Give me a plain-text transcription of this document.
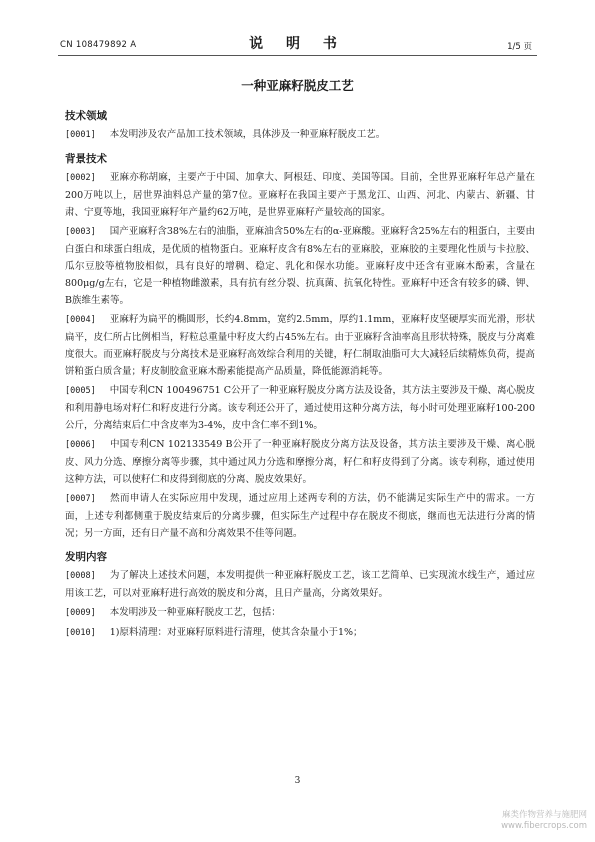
CN 108479892 A	说 明 书	1/5 页
一种亚麻籽脱皮工艺
技术领域
[0001] 本发明涉及农产品加工技术领域，具体涉及一种亚麻籽脱皮工艺。
背景技术
[0002] 亚麻亦称胡麻，主要产于中国、加拿大、阿根廷、印度、美国等国。目前，全世界亚麻籽年总产量在200万吨以上，居世界油料总产量的第7位。亚麻籽在我国主要产于黑龙江、山西、河北、内蒙古、新疆、甘肃、宁夏等地，我国亚麻籽年产量约62万吨，是世界亚麻籽产量较高的国家。
[0003] 国产亚麻籽含38%左右的油脂，亚麻油含50%左右的α-亚麻酸。亚麻籽含25%左右的粗蛋白，主要由白蛋白和球蛋白组成，是优质的植物蛋白。亚麻籽皮含有8%左右的亚麻胶，亚麻胶的主要理化性质与卡拉胶、瓜尔豆胶等植物胶相似，具有良好的增稠、稳定、乳化和保水功能。亚麻籽皮中还含有亚麻木酚素，含量在800μg/g左右，它是一种植物雌激素，具有抗有丝分裂、抗真菌、抗氧化特性。亚麻籽中还含有较多的磷、钾、B族维生素等。
[0004] 亚麻籽为扁平的椭圆形，长约4.8mm，宽约2.5mm，厚约1.1mm，亚麻籽皮坚硬厚实而光滑，形状扁平，皮仁所占比例相当，籽粒总重量中籽皮大约占45%左右。由于亚麻籽含油率高且形状特殊，脱皮与分离难度很大。而亚麻籽脱皮与分离技术是亚麻籽高效综合利用的关键，籽仁制取油脂可大大减轻后续精炼负荷，提高饼粕蛋白质含量；籽皮制胶盒亚麻木酚素能提高产品质量，降低能源消耗等。
[0005] 中国专利CN 100496751 C公开了一种亚麻籽脱皮分离方法及设备，其方法主要涉及干燥、离心脱皮和利用静电场对籽仁和籽皮进行分离。该专利还公开了，通过使用这种分离方法，每小时可处理亚麻籽100-200公斤，分离结束后仁中含皮率为3-4%，皮中含仁率不到1%。
[0006] 中国专利CN 102133549 B公开了一种亚麻籽脱皮分离方法及设备，其方法主要涉及干燥、离心脱皮、风力分选、摩擦分离等步骤，其中通过风力分选和摩擦分离，籽仁和籽皮得到了分离。该专利称，通过使用这种方法，可以使籽仁和皮得到彻底的分离、脱皮效果好。
[0007] 然而申请人在实际应用中发现，通过应用上述两专利的方法，仍不能满足实际生产中的需求。一方面，上述专利都侧重于脱皮结束后的分离步骤，但实际生产过程中存在脱皮不彻底，继而也无法进行分离的情况；另一方面，还有日产量不高和分离效果不佳等问题。
发明内容
[0008] 为了解决上述技术问题，本发明提供一种亚麻籽脱皮工艺，该工艺简单、已实现流水线生产，通过应用该工艺，可以对亚麻籽进行高效的脱皮和分离，且日产量高，分离效果好。
[0009] 本发明涉及一种亚麻籽脱皮工艺，包括：
[0010] 1)原料清理：对亚麻籽原料进行清理，使其含杂量小于1%；
3
麻类作物营养与施肥网
www.fibercrops.com
